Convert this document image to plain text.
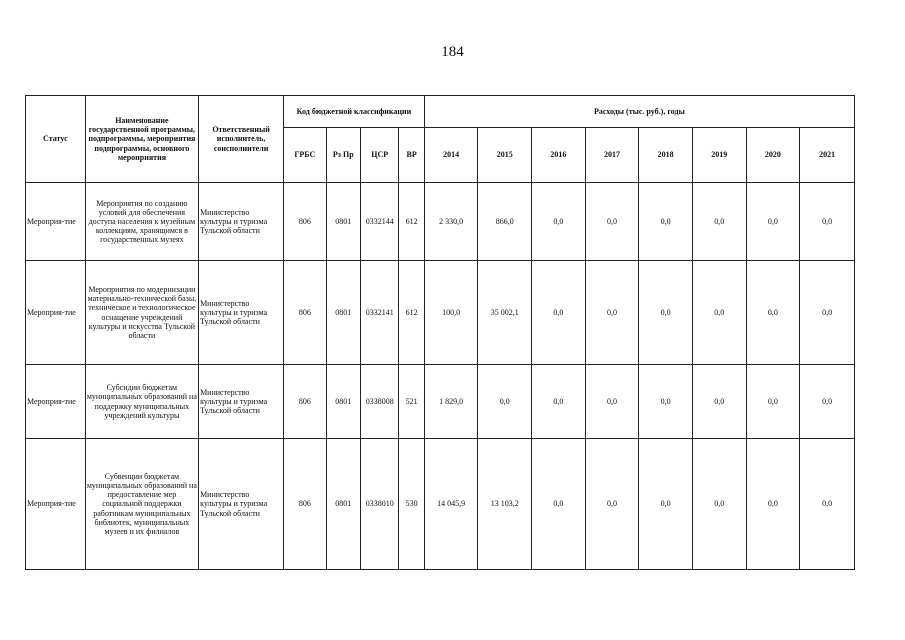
184
Статус	Наименование государственной программы, подпрограммы, мероприятия подпрограммы, основного мероприятия	Ответственный исполнитель, соисполнители	Код бюджетной классификации				Расходы (тыс. руб.), годы							
			ГРБС	Рз Пр	ЦСР	ВР	2014	2015	2016	2017	2018	2019	2020	2021
Мероприя-тие	Мероприятия по созданию условий для обеспечения доступа населения к музейным коллекциям, хранящимся в государственных музеях	Министерство культуры и туризма Тульской области	806	0801	0332144	612	2 330,0	866,0	0,0	0,0	0,0	0,0	0,0	0,0
Мероприя-тие	Мероприятия по модернизации материально-технической базы, техническое и технологическое оснащение учреждений культуры и искусства Тульской области	Министерство культуры и туризма Тульской области	806	0801	0332141	612	100,0	35 002,1	0,0	0,0	0,0	0,0	0,0	0,0
Мероприя-тие	Субсидии бюджетам муниципальных образований на поддержку муниципальных учреждений культуры	Министерство культуры и туризма Тульской области	806	0801	0338008	521	1 829,0	0,0	0,0	0,0	0,0	0,0	0,0	0,0
Мероприя-тие	Субвенции бюджетам муниципальных образований на предоставление мер социальной поддержки работникам муниципальных библиотек, муниципальных музеев и их филиалов	Министерство культуры и туризма Тульской области	806	0801	0338010	530	14 045,9	13 103,2	0,0	0,0	0,0	0,0	0,0	0,0
